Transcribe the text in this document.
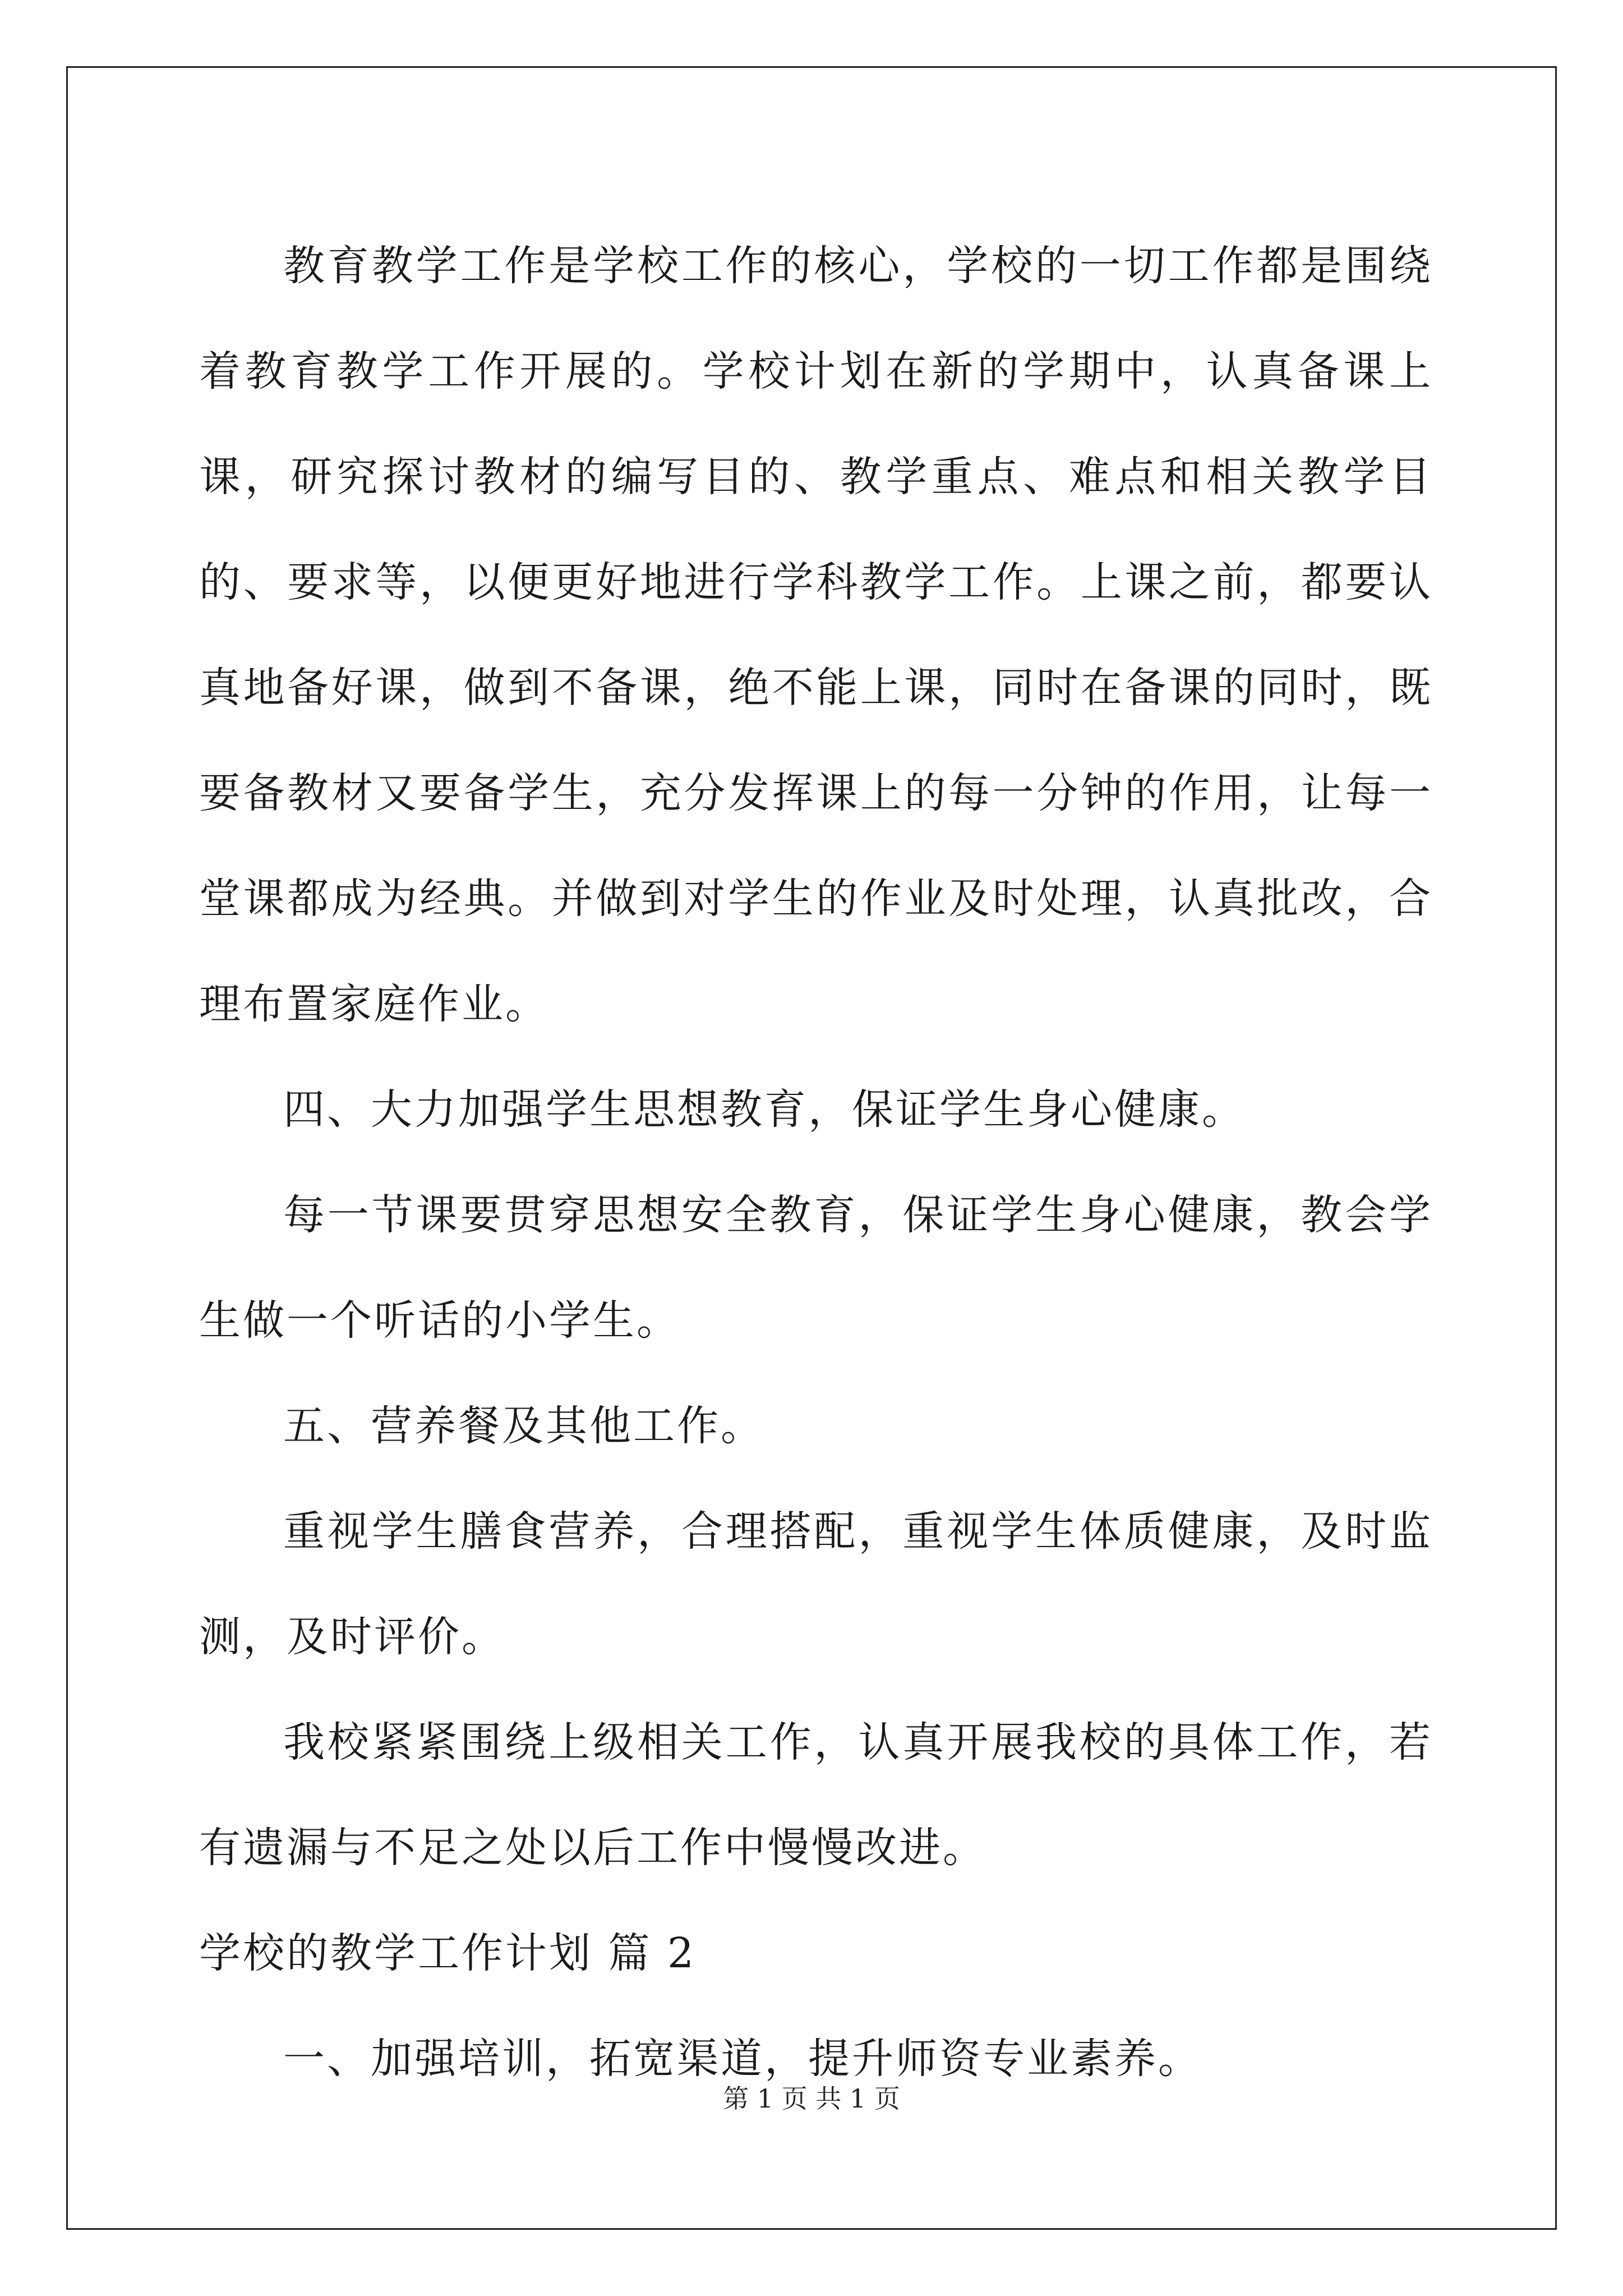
教育教学工作是学校工作的核心，学校的一切工作都是围绕着教育教学工作开展的。学校计划在新的学期中，认真备课上课，研究探讨教材的编写目的、教学重点、难点和相关教学目的、要求等，以便更好地进行学科教学工作。上课之前，都要认真地备好课，做到不备课，绝不能上课，同时在备课的同时，既要备教材又要备学生，充分发挥课上的每一分钟的作用，让每一堂课都成为经典。并做到对学生的作业及时处理，认真批改，合理布置家庭作业。

四、大力加强学生思想教育，保证学生身心健康。

每一节课要贯穿思想安全教育，保证学生身心健康，教会学生做一个听话的小学生。

五、营养餐及其他工作。

重视学生膳食营养，合理搭配，重视学生体质健康，及时监测，及时评价。

我校紧紧围绕上级相关工作，认真开展我校的具体工作，若有遗漏与不足之处以后工作中慢慢改进。

学校的教学工作计划 篇 2

一、加强培训，拓宽渠道，提升师资专业素养。

第 1 页 共 1 页
